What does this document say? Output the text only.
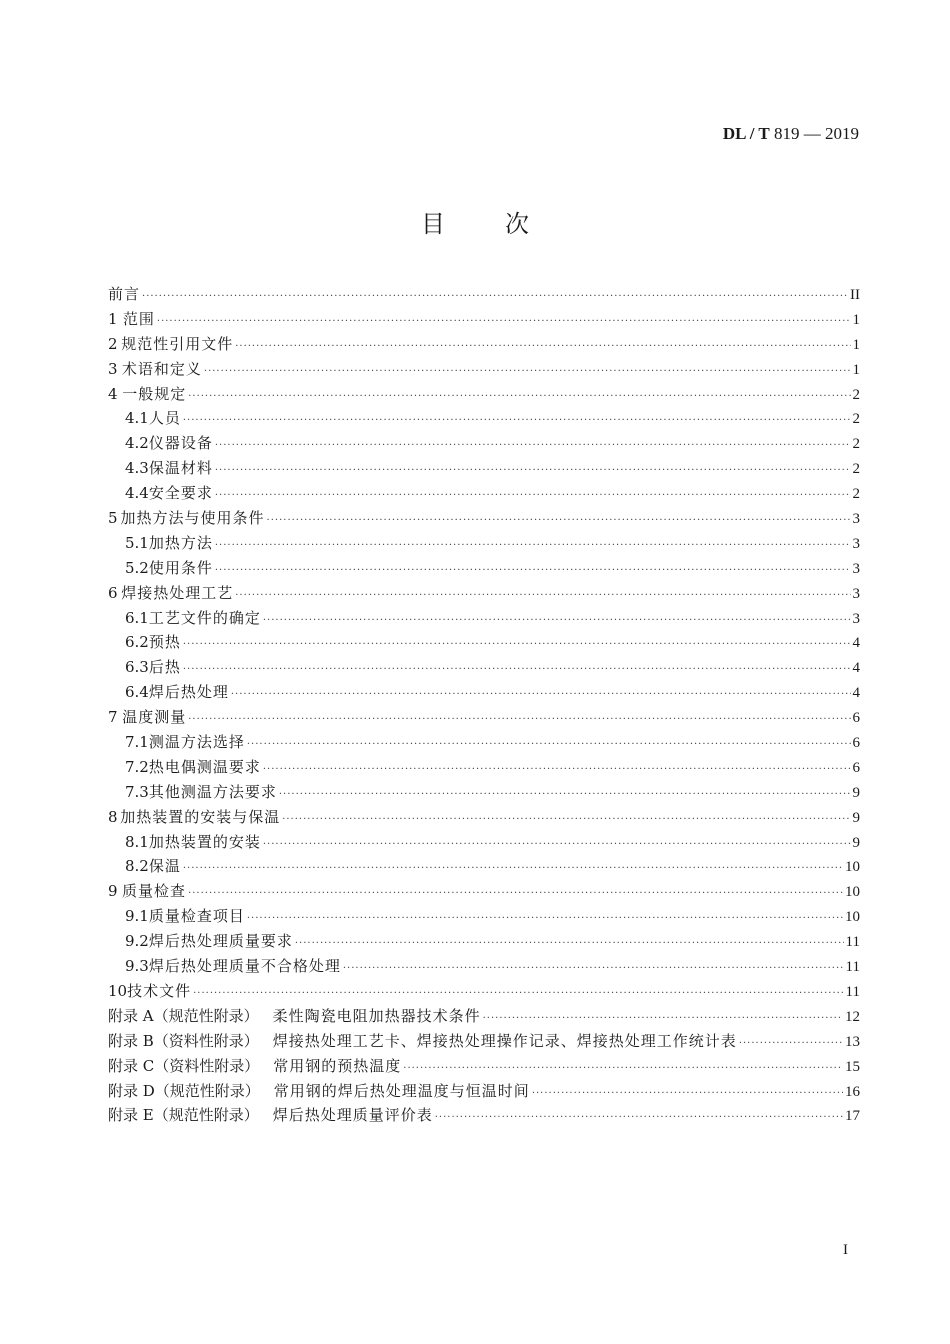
DL / T 819 — 2019
目次
前言 ·····	II
1 范围 ·····	1
2 规范性引用文件 ·····	1
3 术语和定义 ·····	1
4 一般规定 ·····	2
4.1 人员 ·····	2
4.2 仪器设备 ·····	2
4.3 保温材料 ·····	2
4.4 安全要求 ·····	2
5 加热方法与使用条件 ·····	3
5.1 加热方法 ·····	3
5.2 使用条件 ·····	3
6 焊接热处理工艺 ·····	3
6.1 工艺文件的确定 ·····	3
6.2 预热 ·····	4
6.3 后热 ·····	4
6.4 焊后热处理 ·····	4
7 温度测量 ·····	6
7.1 测温方法选择 ·····	6
7.2 热电偶测温要求 ·····	6
7.3 其他测温方法要求 ·····	9
8 加热装置的安装与保温 ·····	9
8.1 加热装置的安装 ·····	9
8.2 保温 ·····	10
9 质量检查 ·····	10
9.1 质量检查项目 ·····	10
9.2 焊后热处理质量要求 ·····	11
9.3 焊后热处理质量不合格处理 ·····	11
10 技术文件 ·····	11
附录 A（规范性附录） 柔性陶瓷电阻加热器技术条件 ·····	12
附录 B（资料性附录） 焊接热处理工艺卡、焊接热处理操作记录、焊接热处理工作统计表 ·····	13
附录 C（资料性附录） 常用钢的预热温度 ·····	15
附录 D（规范性附录） 常用钢的焊后热处理温度与恒温时间 ·····	16
附录 E（规范性附录） 焊后热处理质量评价表 ·····	17
I
